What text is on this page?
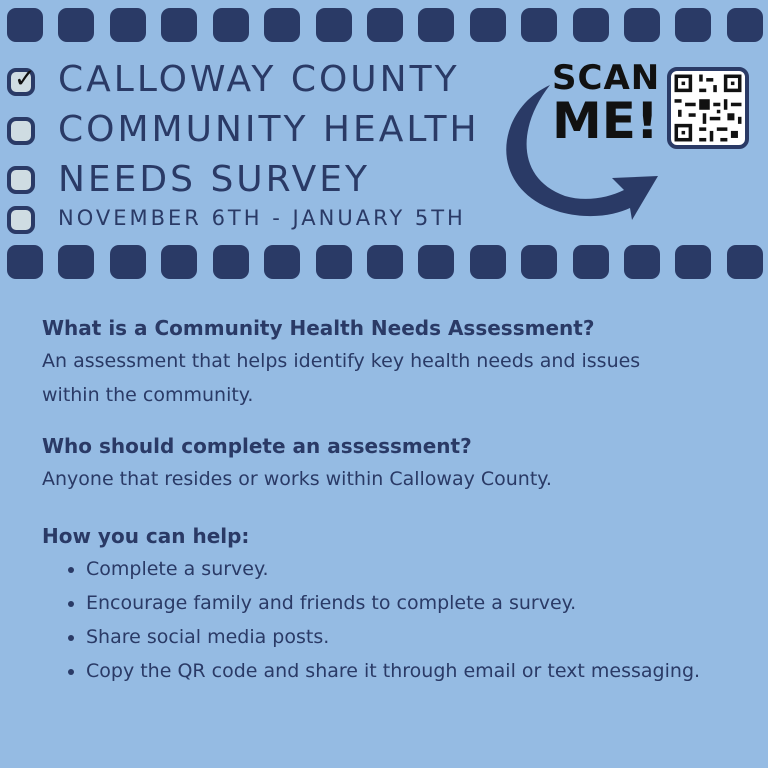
✓ CALLOWAY COUNTY
COMMUNITY HEALTH
NEEDS SURVEY
NOVEMBER 6TH - JANUARY 5TH
SCAN
ME!
What is a Community Health Needs Assessment?

An assessment that helps identify key health needs and issues within the community.

Who should complete an assessment?

Anyone that resides or works within Calloway County.

How you can help:
• Complete a survey.
• Encourage family and friends to complete a survey.
• Share social media posts.
• Copy the QR code and share it through email or text messaging.
